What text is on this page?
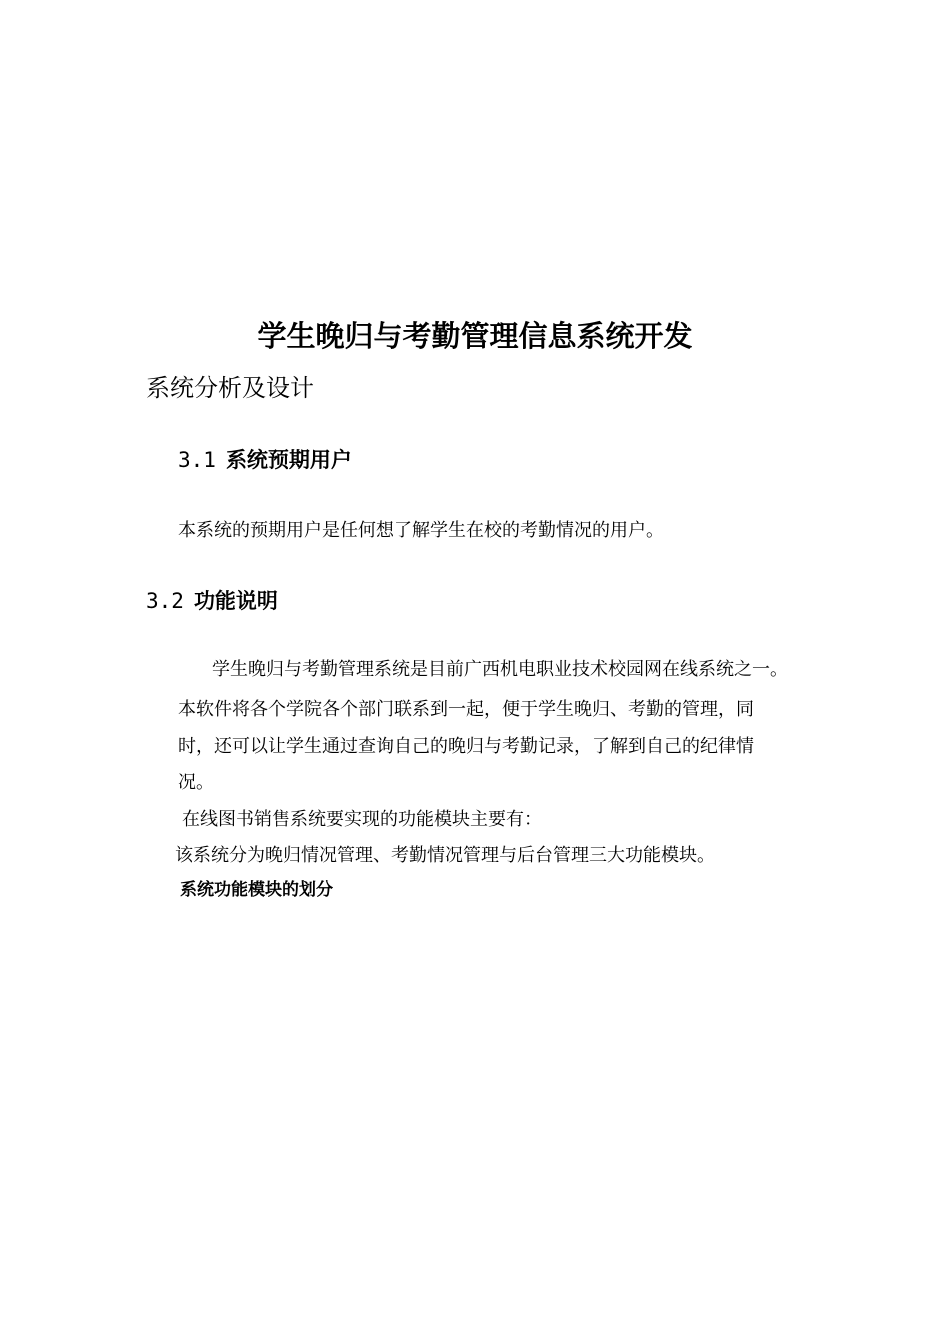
学生晚归与考勤管理信息系统开发
系统分析及设计
3.1 系统预期用户
本系统的预期用户是任何想了解学生在校的考勤情况的用户。
3.2 功能说明
学生晚归与考勤管理系统是目前广西机电职业技术校园网在线系统之一。
本软件将各个学院各个部门联系到一起，便于学生晚归、考勤的管理，同
时，还可以让学生通过查询自己的晚归与考勤记录，了解到自己的纪律情
况。
在线图书销售系统要实现的功能模块主要有：
该系统分为晚归情况管理、考勤情况管理与后台管理三大功能模块。
系统功能模块的划分
